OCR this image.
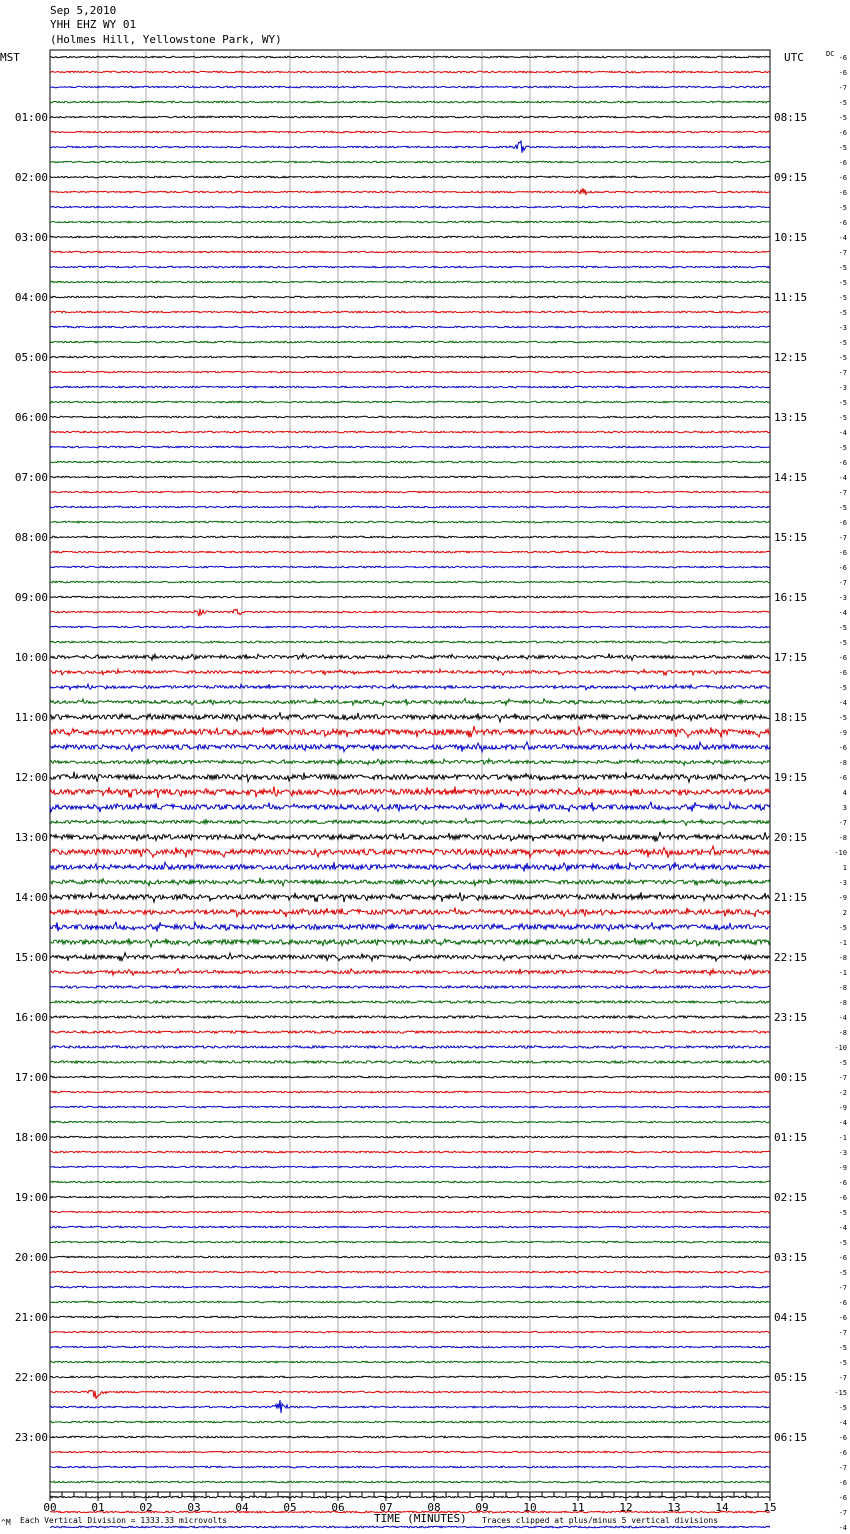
Sep 5,2010
YHH EHZ WY 01
(Holmes Hill, Yellowstone Park, WY)
-6
-6
-7
-5
-5
-6
-5
-6
-6
-6
-5
-6
-4
-7
-5
-5
-5
-5
-3
-5
-5
-7
-3
-5
-5
-4
-5
-6
-4
-7
-5
-6
-7
-6
-6
-7
-3
-4
-5
-5
-6
-6
-5
-4
-5
-9
-6
-8
-6
4
3
-7
-8
-10
1
-3
-9
2
-5
-1
-8
-1
-8
-8
-4
-8
-10
-5
-7
-2
-9
-4
-1
-3
-9
-6
-6
-5
-4
-5
-6
-5
-7
-6
-6
-7
-5
-5
-7
-15
-5
-4
-6
-6
-7
-6
-6
-7
-4
01:00	08:15
02:00	09:15
03:00	10:15
04:00	11:15
05:00	12:15
06:00	13:15
07:00	14:15
08:00	15:15
09:00	16:15
10:00	17:15
11:00	18:15
12:00	19:15
13:00	20:15
14:00	21:15
15:00	22:15
16:00	23:15
17:00	00:15
18:00	01:15
19:00	02:15
20:00	03:15
21:00	04:15
22:00	05:15
23:00	06:15
MST	UTC	DC
00	01	02	03	04	05	06	07	08	09	10	11	12	13	14	15
TIME (MINUTES)
Each Vertical Division = 1333.33 microvolts	Traces clipped at plus/minus 5 vertical divisions
^M
